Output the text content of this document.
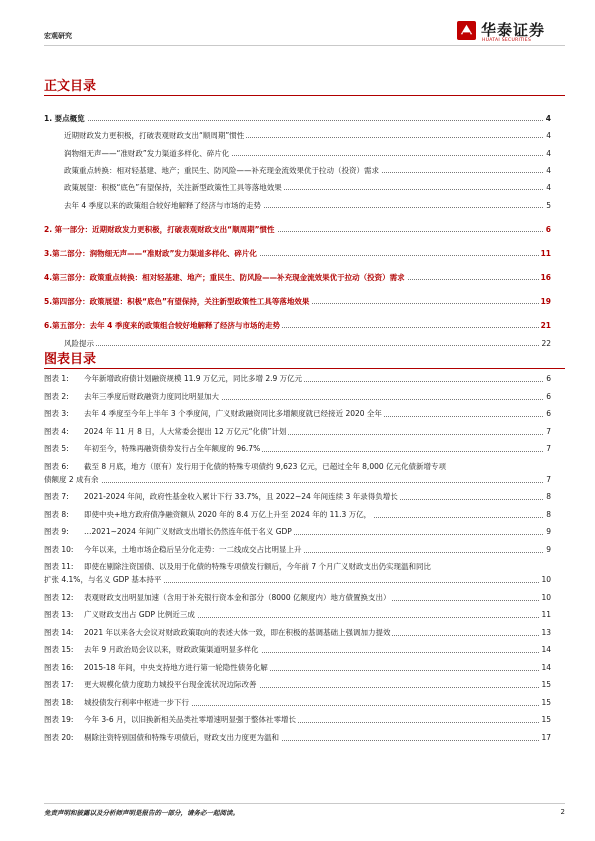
宏观研究	华泰证券
HUATAI SECURITIES
正文目录
1. 要点概览	4
近期财政发力更积极，打破表观财政支出“顺周期”惯性	4
润物细无声——“准财政”发力渠道多样化、碎片化	4
政策重点转换：相对轻基建、地产；重民生、防风险——补充现金流效果优于拉动（投资）需求	4
政策展望：积极“底色”有望保持，关注新型政策性工具等落地效果	4
去年 4 季度以来的政策组合较好地解释了经济与市场的走势	5
2. 第一部分：近期财政发力更积极，打破表观财政支出“顺周期”惯性	6
3.第二部分：润物细无声——“准财政”发力渠道多样化、碎片化	11
4.第三部分：政策重点转换：相对轻基建、地产；重民生、防风险——补充现金流效果优于拉动（投资）需求	16
5.第四部分：政策展望：积极“底色”有望保持，关注新型政策性工具等落地效果	19
6.第五部分：去年 4 季度来的政策组合较好地解释了经济与市场的走势	21
风险提示	22
图表目录
图表 1: 今年新增政府债计划融资规模 11.9 万亿元，同比多增 2.9 万亿元	6
图表 2: 去年三季度后财政融资力度同比明显加大	6
图表 3: 去年 4 季度至今年上半年 3 个季度间，广义财政融资同比多增额度就已经接近 2020 全年	6
图表 4: 2024 年 11 月 8 日，人大常委会提出 12 万亿元“化债”计划	7
图表 5: 年初至今，特殊再融资债券发行占全年额度的 96.7%	7
图表 6: 截至 8 月底，地方（原有）发行用于化债的特殊专项债约 9,623 亿元，已超过全年 8,000 亿元化债新增专项
债额度 2 成有余	7
图表 7: 2021-2024 年间，政府性基金收入累计下行 33.7%，且 2022~24 年间连续 3 年录得负增长	8
图表 8: 即使中央+地方政府债净融资额从 2020 年的 8.4 万亿上升至 2024 年的 11.3 万亿，	8
图表 9: …2021~2024 年间广义财政支出增长仍然连年低于名义 GDP	9
图表 10: 今年以来，土地市场企稳后呈分化走势：一二线成交占比明显上升	9
图表 11: 即使在剔除注资国债、以及用于化债的特殊专项债发行额后，今年前 7 个月广义财政支出仍实现温和同比
扩张 4.1%，与名义 GDP 基本持平	10
图表 12: 表观财政支出明显加速（含用于补充银行资本金和部分（8000 亿额度内）地方债置换支出）	10
图表 13: 广义财政支出占 GDP 比例近三成	11
图表 14: 2021 年以来各大会议对财政政策取向的表述大体一致，即在积极的基调基础上强调加力提效	13
图表 15: 去年 9 月政治局会议以来，财政政策渠道明显多样化	14
图表 16: 2015-18 年间，中央支持地方进行第一轮隐性债务化解	14
图表 17: 更大规模化债力度助力城投平台现金流状况边际改善	15
图表 18: 城投债发行利率中枢进一步下行	15
图表 19: 今年 3-6 月，以旧换新相关品类社零增速明显强于整体社零增长	15
图表 20: 剔除注资特别国债和特殊专项债后，财政支出力度更为温和	17
免责声明和披露以及分析师声明是报告的一部分，请务必一起阅读。	2
